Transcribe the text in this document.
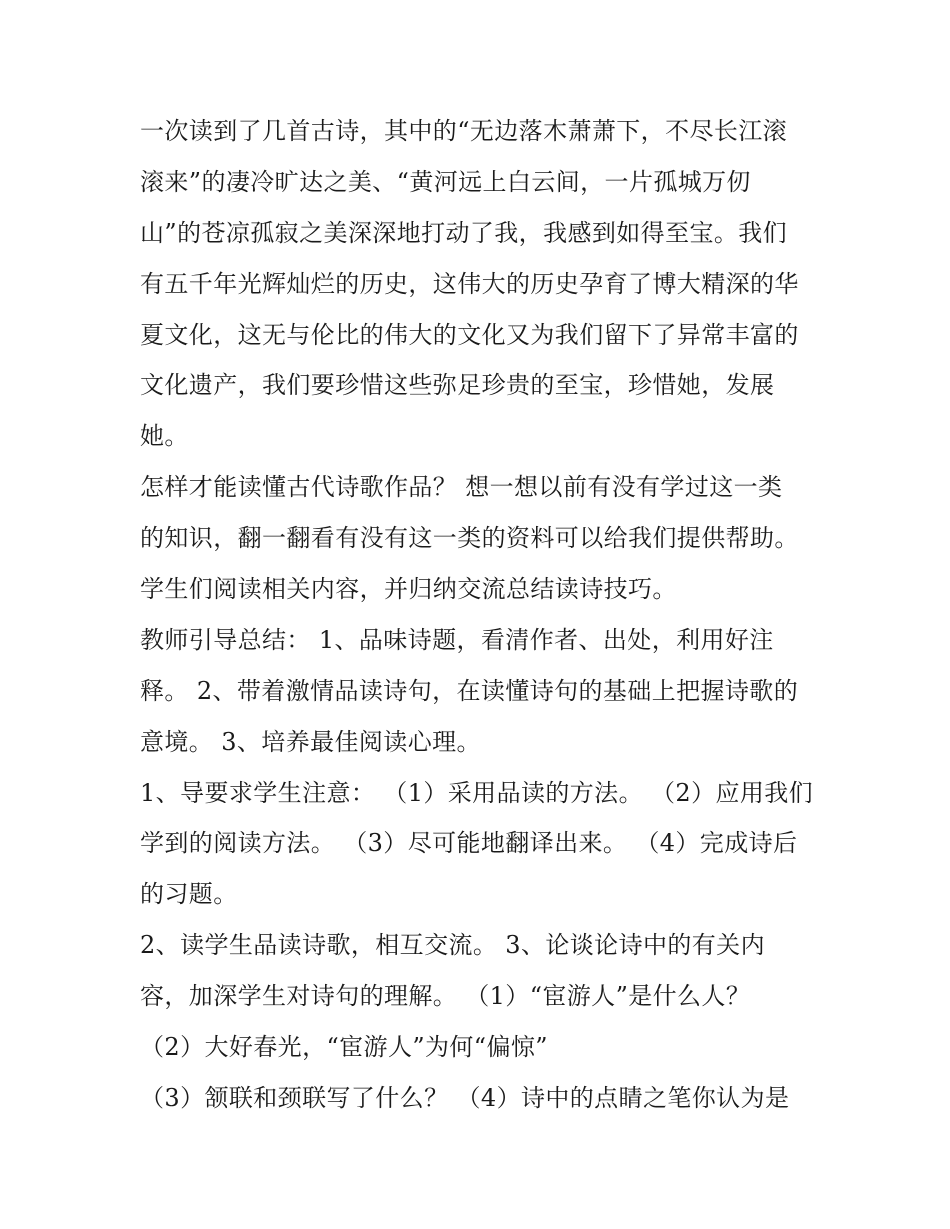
一次读到了几首古诗，其中的“无边落木萧萧下，不尽长江滚
滚来”的凄冷旷达之美、“黄河远上白云间，一片孤城万仞
山”的苍凉孤寂之美深深地打动了我，我感到如得至宝。我们
有五千年光辉灿烂的历史，这伟大的历史孕育了博大精深的华
夏文化，这无与伦比的伟大的文化又为我们留下了异常丰富的
文化遗产，我们要珍惜这些弥足珍贵的至宝，珍惜她，发展
她。
怎样才能读懂古代诗歌作品？ 想一想以前有没有学过这一类
的知识，翻一翻看有没有这一类的资料可以给我们提供帮助。
学生们阅读相关内容，并归纳交流总结读诗技巧。
教师引导总结： 1、品味诗题，看清作者、出处，利用好注
释。 2、带着激情品读诗句，在读懂诗句的基础上把握诗歌的
意境。 3、培养最佳阅读心理。
1、导要求学生注意： （1）采用品读的方法。 （2）应用我们
学到的阅读方法。 （3）尽可能地翻译出来。 （4）完成诗后
的习题。
2、读学生品读诗歌，相互交流。 3、论谈论诗中的有关内
容，加深学生对诗句的理解。 （1）“宦游人”是什么人？
（2）大好春光，“宦游人”为何“偏惊”
（3）颔联和颈联写了什么？ （4）诗中的点睛之笔你认为是
